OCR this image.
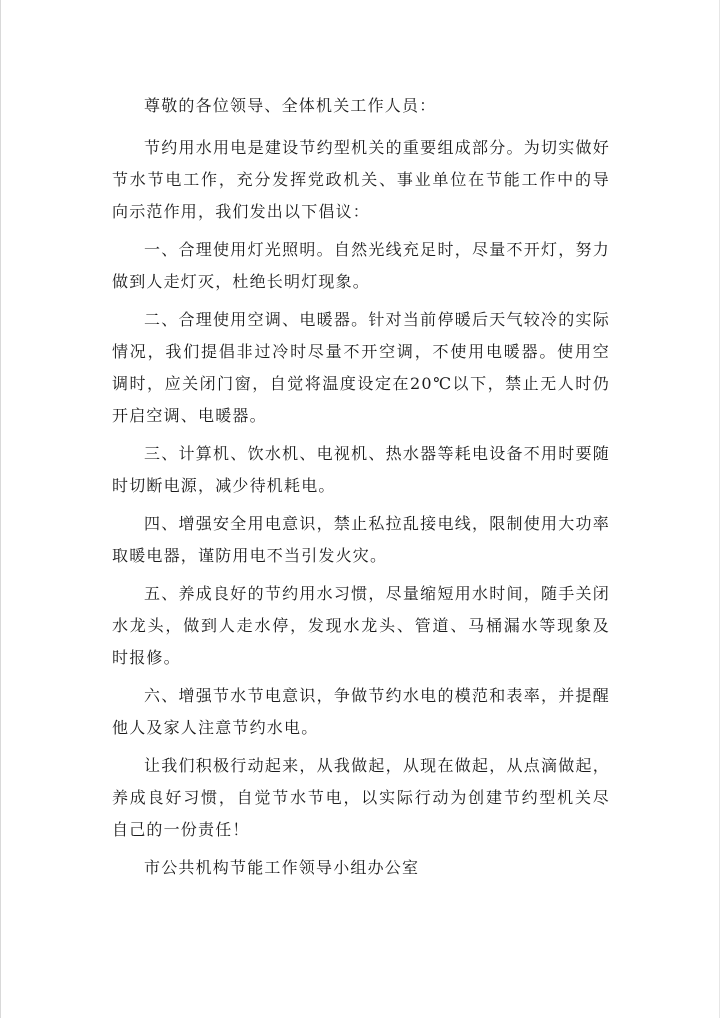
尊敬的各位领导、全体机关工作人员：

节约用水用电是建设节约型机关的重要组成部分。为切实做好节水节电工作，充分发挥党政机关、事业单位在节能工作中的导向示范作用，我们发出以下倡议：

一、合理使用灯光照明。自然光线充足时，尽量不开灯，努力做到人走灯灭，杜绝长明灯现象。

二、合理使用空调、电暖器。针对当前停暖后天气较冷的实际情况，我们提倡非过冷时尽量不开空调，不使用电暖器。使用空调时，应关闭门窗，自觉将温度设定在20℃以下，禁止无人时仍开启空调、电暖器。

三、计算机、饮水机、电视机、热水器等耗电设备不用时要随时切断电源，减少待机耗电。

四、增强安全用电意识，禁止私拉乱接电线，限制使用大功率取暖电器，谨防用电不当引发火灾。

五、养成良好的节约用水习惯，尽量缩短用水时间，随手关闭水龙头，做到人走水停，发现水龙头、管道、马桶漏水等现象及时报修。

六、增强节水节电意识，争做节约水电的模范和表率，并提醒他人及家人注意节约水电。

让我们积极行动起来，从我做起，从现在做起，从点滴做起，养成良好习惯，自觉节水节电，以实际行动为创建节约型机关尽自己的一份责任！

市公共机构节能工作领导小组办公室
